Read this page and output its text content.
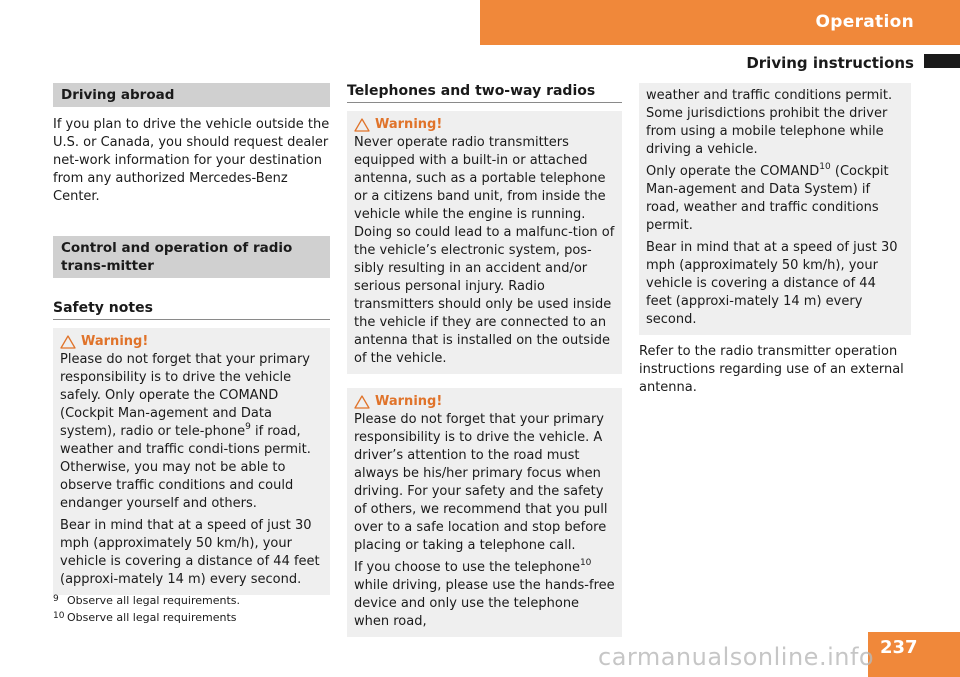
Operation
Driving instructions
Driving abroad

If you plan to drive the vehicle outside the U.S. or Canada, you should request dealer net-work information for your destination from any authorized Mercedes-Benz Center.

Control and operation of radio trans-mitter
Safety notes
Warning!

Please do not forget that your primary responsibility is to drive the vehicle safely. Only operate the COMAND (Cockpit Man-agement and Data system), radio or tele-phone$^9$ if road, weather and traffic condi-tions permit. Otherwise, you may not be able to observe traffic conditions and could endanger yourself and others.

Bear in mind that at a speed of just 30 mph (approximately 50 km/h), your vehicle is covering a distance of 44 feet (approxi-mately 14 m) every second.

Telephones and two-way radios
Warning!

Never operate radio transmitters equipped with a built-in or attached antenna, such as a portable telephone or a citizens band unit, from inside the vehicle while the engine is running. Doing so could lead to a malfunc-tion of the vehicle’s electronic system, pos-sibly resulting in an accident and/or serious personal injury. Radio transmitters should only be used inside the vehicle if they are connected to an antenna that is installed on the outside of the vehicle.

Warning!

Please do not forget that your primary responsibility is to drive the vehicle. A driver’s attention to the road must always be his/her primary focus when driving. For your safety and the safety of others, we recommend that you pull over to a safe location and stop before placing or taking a telephone call.

If you choose to use the telephone$^{10}$ while driving, please use the hands-free device and only use the telephone when road,

weather and traffic conditions permit. Some jurisdictions prohibit the driver from using a mobile telephone while driving a vehicle.

Only operate the COMAND$^{10}$ (Cockpit Man-agement and Data System) if road, weather and traffic conditions permit.

Bear in mind that at a speed of just 30 mph (approximately 50 km/h), your vehicle is covering a distance of 44 feet (approxi-mately 14 m) every second.

Refer to the radio transmitter operation instructions regarding use of an external antenna.

9 Observe all legal requirements.
10 Observe all legal requirements
237
carmanualsonline.info
